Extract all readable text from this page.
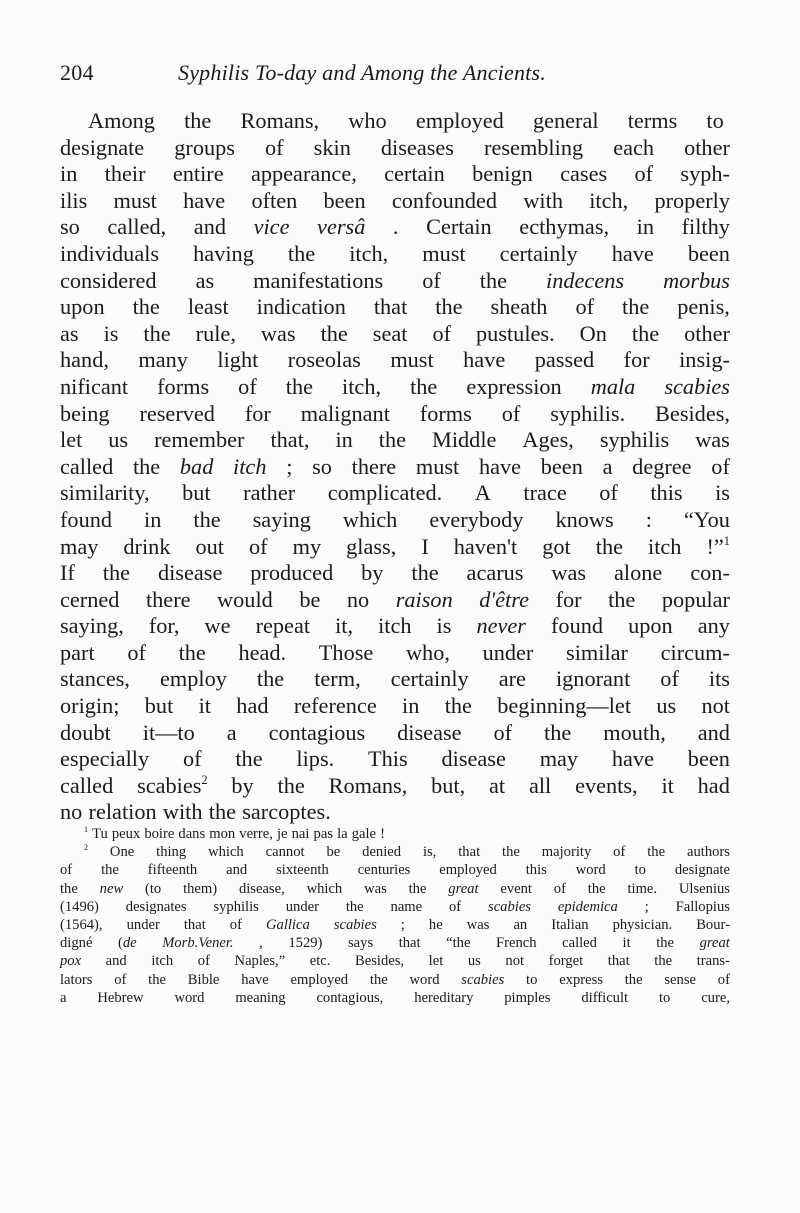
204	Syphilis To-day and Among the Ancients.
Among the Romans, who employed general terms to
designate groups of skin diseases resembling each other
in their entire appearance, certain benign cases of syph-
ilis must have often been confounded with itch, properly
so called, and vice versâ . Certain ecthymas, in filthy
individuals having the itch, must certainly have been
considered as manifestations of the indecens morbus
upon the least indication that the sheath of the penis,
as is the rule, was the seat of pustules. On the other
hand, many light roseolas must have passed for insig-
nificant forms of the itch, the expression mala scabies
being reserved for malignant forms of syphilis. Besides,
let us remember that, in the Middle Ages, syphilis was
called the bad itch ; so there must have been a degree of
similarity, but rather complicated. A trace of this is
found in the saying which everybody knows : “You
may drink out of my glass, I haven't got the itch !”$^1$
If the disease produced by the acarus was alone con-
cerned there would be no raison d'être for the popular
saying, for, we repeat it, itch is never found upon any
part of the head. Those who, under similar circum-
stances, employ the term, certainly are ignorant of its
origin; but it had reference in the beginning—let us not
doubt it—to a contagious disease of the mouth, and
especially of the lips. This disease may have been
called scabies$^2$ by the Romans, but, at all events, it had
no relation with the sarcoptes.
$^1$ Tu peux boire dans mon verre, je nai pas la gale !
$^2$ One thing which cannot be denied is, that the majority of the authors
of the fifteenth and sixteenth centuries employed this word to designate
the new (to them) disease, which was the great event of the time. Ulsenius
(1496) designates syphilis under the name of scabies epidemica ; Fallopius
(1564), under that of Gallica scabies ; he was an Italian physician. Bour-
digné (de Morb.Vener. , 1529) says that “the French called it the great
pox and itch of Naples,” etc. Besides, let us not forget that the trans-
lators of the Bible have employed the word scabies to express the sense of
a Hebrew word meaning contagious, hereditary pimples difficult to cure,
